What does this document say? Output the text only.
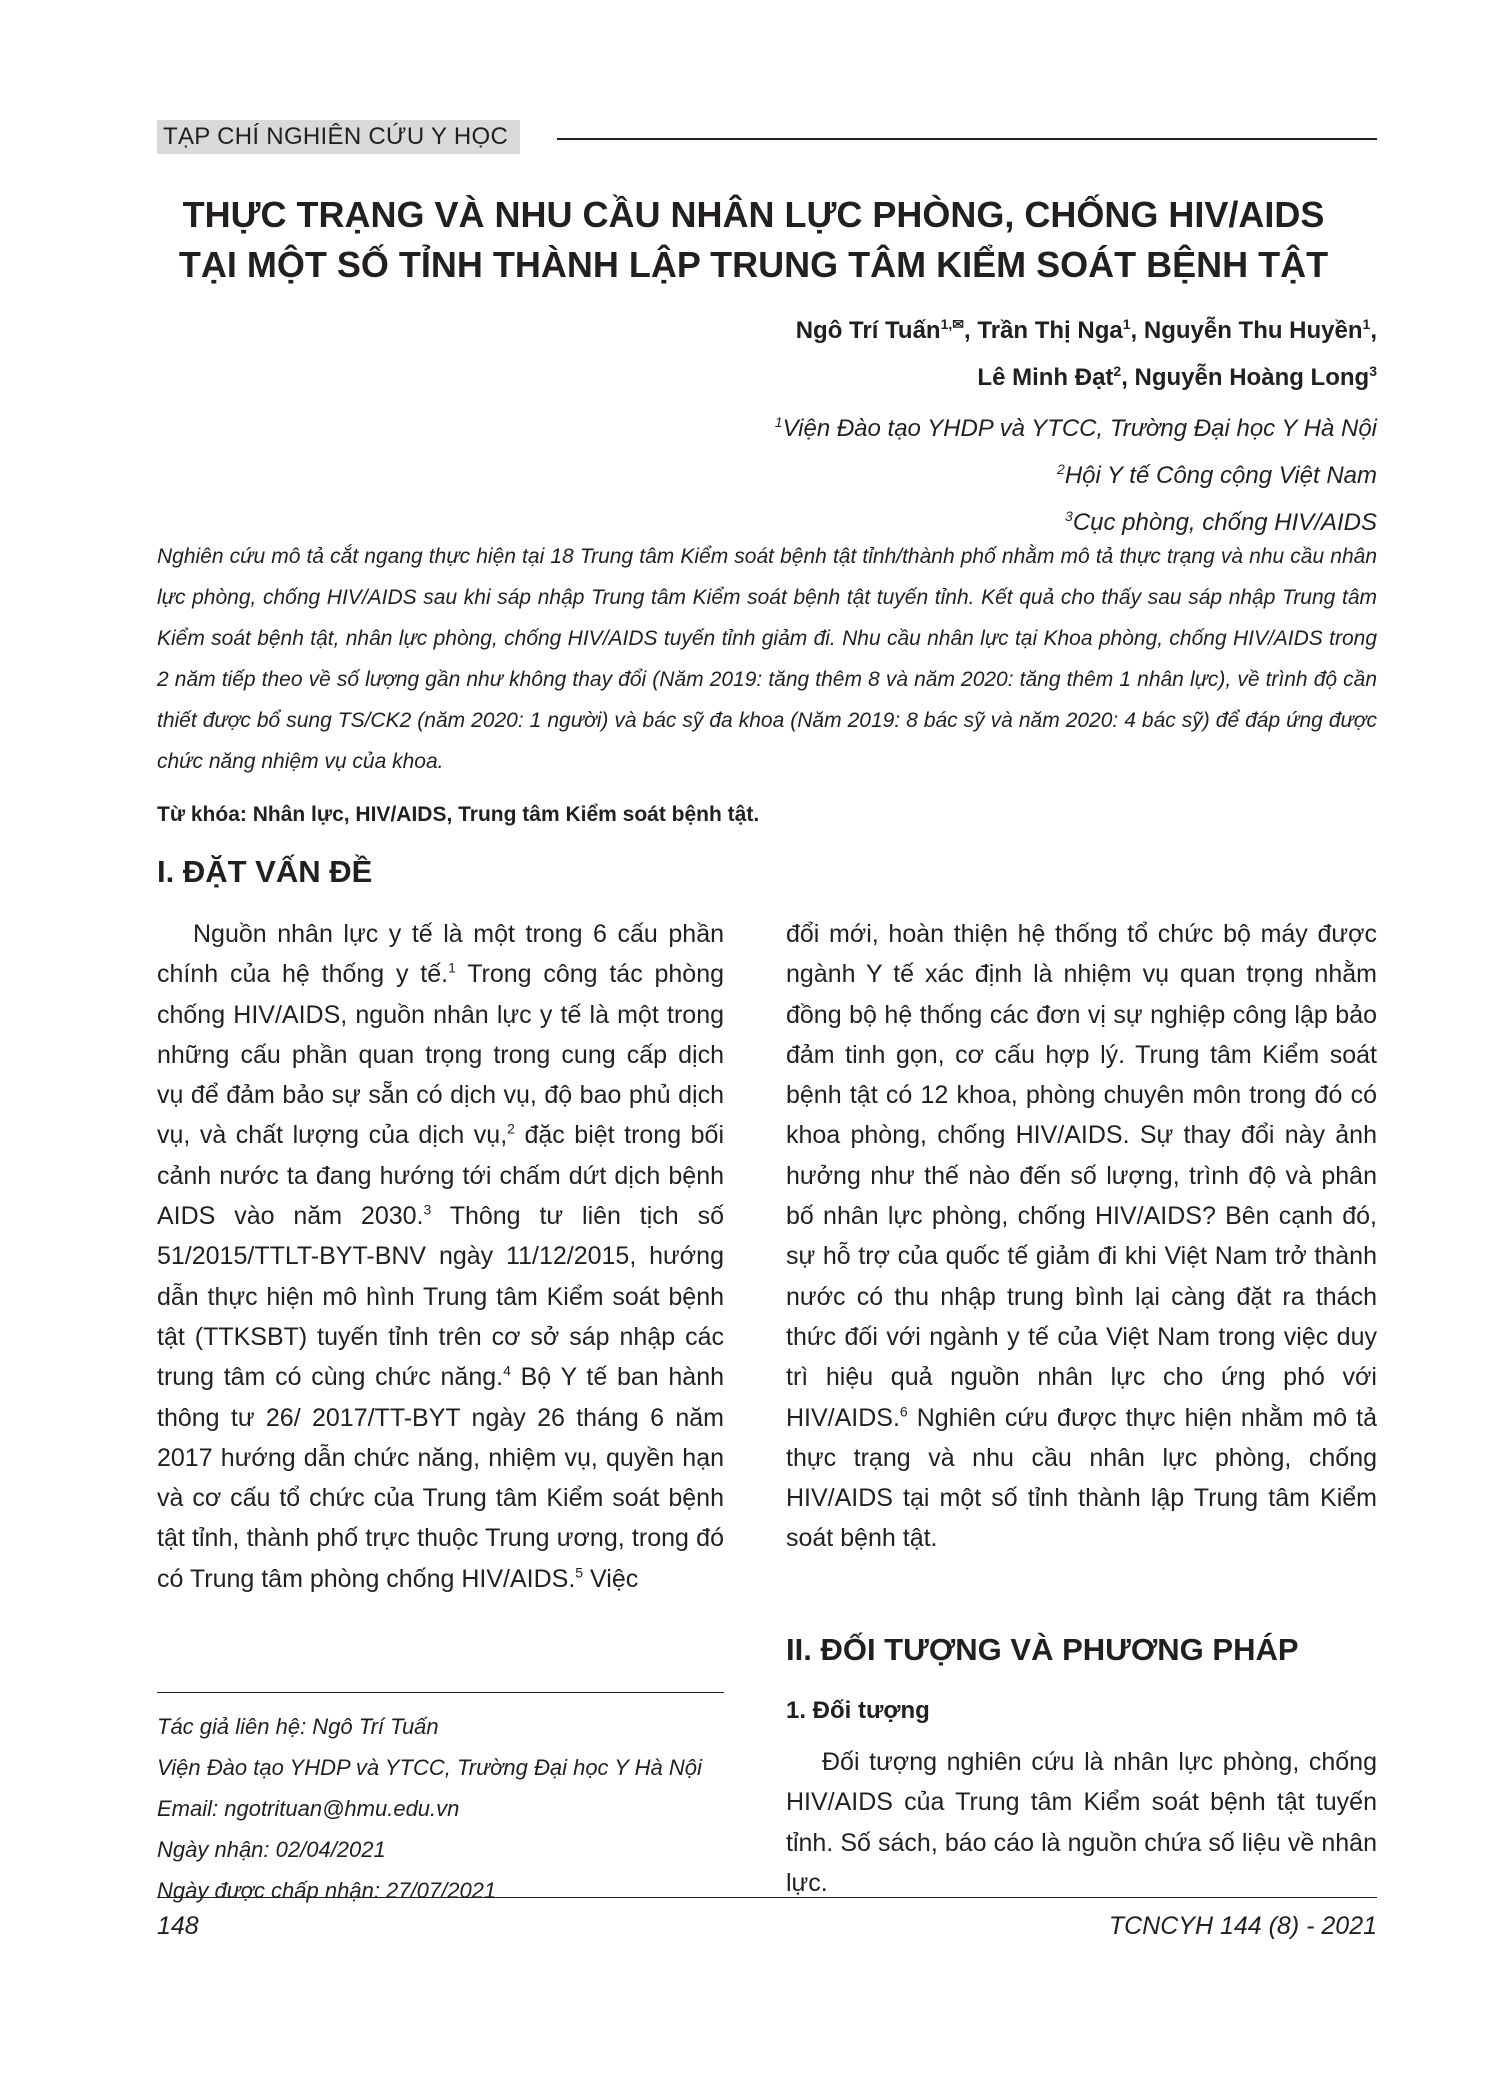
TẠP CHÍ NGHIÊN CỨU Y HỌC
THỰC TRẠNG VÀ NHU CẦU NHÂN LỰC PHÒNG, CHỐNG HIV/AIDS
TẠI MỘT SỐ TỈNH THÀNH LẬP TRUNG TÂM KIỂM SOÁT BỆNH TẬT
Ngô Trí Tuấn$^{1,✉}$, Trần Thị Nga$^1$, Nguyễn Thu Huyền$^1$,
Lê Minh Đạt$^2$, Nguyễn Hoàng Long$^3$
$^1$Viện Đào tạo YHDP và YTCC, Trường Đại học Y Hà Nội
$^2$Hội Y tế Công cộng Việt Nam
$^3$Cục phòng, chống HIV/AIDS
Nghiên cứu mô tả cắt ngang thực hiện tại 18 Trung tâm Kiểm soát bệnh tật tỉnh/thành phố nhằm mô tả thực trạng và nhu cầu nhân lực phòng, chống HIV/AIDS sau khi sáp nhập Trung tâm Kiểm soát bệnh tật tuyến tỉnh. Kết quả cho thấy sau sáp nhập Trung tâm Kiểm soát bệnh tật, nhân lực phòng, chống HIV/AIDS tuyến tỉnh giảm đi. Nhu cầu nhân lực tại Khoa phòng, chống HIV/AIDS trong 2 năm tiếp theo về số lượng gần như không thay đổi (Năm 2019: tăng thêm 8 và năm 2020: tăng thêm 1 nhân lực), về trình độ cần thiết được bổ sung TS/CK2 (năm 2020: 1 người) và bác sỹ đa khoa (Năm 2019: 8 bác sỹ và năm 2020: 4 bác sỹ) để đáp ứng được chức năng nhiệm vụ của khoa.
Từ khóa: Nhân lực, HIV/AIDS, Trung tâm Kiểm soát bệnh tật.
I. ĐẶT VẤN ĐỀ

Nguồn nhân lực y tế là một trong 6 cấu phần chính của hệ thống y tế.$^1$ Trong công tác phòng chống HIV/AIDS, nguồn nhân lực y tế là một trong những cấu phần quan trọng trong cung cấp dịch vụ để đảm bảo sự sẵn có dịch vụ, độ bao phủ dịch vụ, và chất lượng của dịch vụ,$^2$ đặc biệt trong bối cảnh nước ta đang hướng tới chấm dứt dịch bệnh AIDS vào năm 2030.$^3$ Thông tư liên tịch số 51/2015/TTLT-BYT-BNV ngày 11/12/2015, hướng dẫn thực hiện mô hình Trung tâm Kiểm soát bệnh tật (TTKSBT) tuyến tỉnh trên cơ sở sáp nhập các trung tâm có cùng chức năng.$^4$ Bộ Y tế ban hành thông tư 26/ 2017/TT-BYT ngày 26 tháng 6 năm 2017 hướng dẫn chức năng, nhiệm vụ, quyền hạn và cơ cấu tổ chức của Trung tâm Kiểm soát bệnh tật tỉnh, thành phố trực thuộc Trung ương, trong đó có Trung tâm phòng chống HIV/AIDS.$^5$ Việc

đổi mới, hoàn thiện hệ thống tổ chức bộ máy được ngành Y tế xác định là nhiệm vụ quan trọng nhằm đồng bộ hệ thống các đơn vị sự nghiệp công lập bảo đảm tinh gọn, cơ cấu hợp lý. Trung tâm Kiểm soát bệnh tật có 12 khoa, phòng chuyên môn trong đó có khoa phòng, chống HIV/AIDS. Sự thay đổi này ảnh hưởng như thế nào đến số lượng, trình độ và phân bố nhân lực phòng, chống HIV/AIDS? Bên cạnh đó, sự hỗ trợ của quốc tế giảm đi khi Việt Nam trở thành nước có thu nhập trung bình lại càng đặt ra thách thức đối với ngành y tế của Việt Nam trong việc duy trì hiệu quả nguồn nhân lực cho ứng phó với HIV/AIDS.$^6$ Nghiên cứu được thực hiện nhằm mô tả thực trạng và nhu cầu nhân lực phòng, chống HIV/AIDS tại một số tỉnh thành lập Trung tâm Kiểm soát bệnh tật.

II. ĐỐI TƯỢNG VÀ PHƯƠNG PHÁP
1. Đối tượng

Đối tượng nghiên cứu là nhân lực phòng, chống HIV/AIDS của Trung tâm Kiểm soát bệnh tật tuyến tỉnh. Số sách, báo cáo là nguồn chứa số liệu về nhân lực.

Tác giả liên hệ: Ngô Trí Tuấn
Viện Đào tạo YHDP và YTCC, Trường Đại học Y Hà Nội
Email: ngotrituan@hmu.edu.vn
Ngày nhận: 02/04/2021
Ngày được chấp nhận: 27/07/2021
148	TCNCYH 144 (8) - 2021
